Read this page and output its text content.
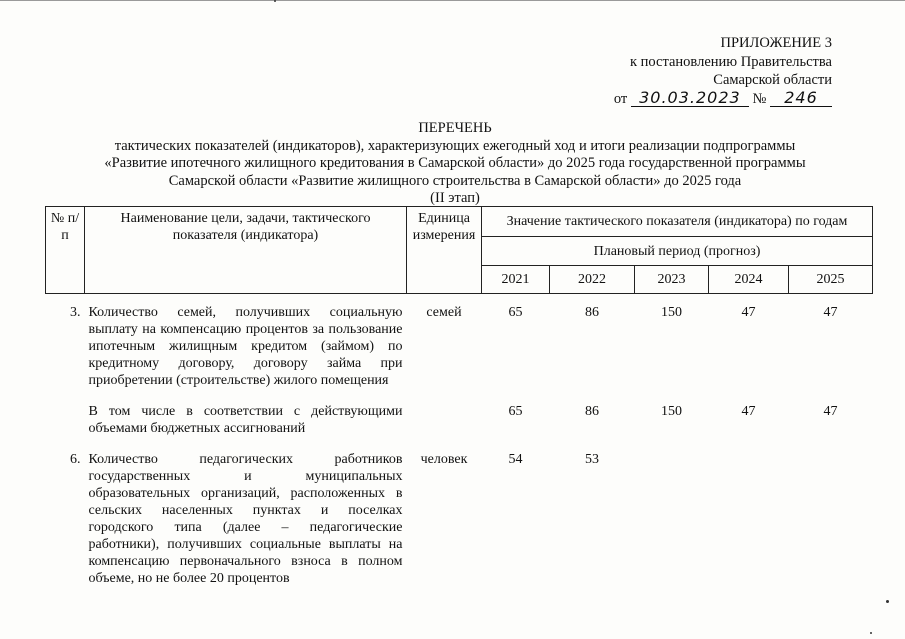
ПРИЛОЖЕНИЕ 3
к постановлению Правительства
Самарской области
от 30.03.2023 № 246
ПЕРЕЧЕНЬ
тактических показателей (индикаторов), характеризующих ежегодный ход и итоги реализации подпрограммы
«Развитие ипотечного жилищного кредитования в Самарской области» до 2025 года государственной программы
Самарской области «Развитие жилищного строительства в Самарской области» до 2025 года
(II этап)
№ п/п	Наименование цели, задачи, тактического показателя (индикатора)	Единица измерения	Значение тактического показателя (индикатора) по годам				
			Плановый период (прогноз)				
			2021	2022	2023	2024	2025

3.	Количество семей, получивших социальную выплату на компенсацию процентов за пользование ипотечным жилищным кредитом (займом) по кредитному договору, договору займа при приобретении (строительстве) жилого помещения	семей	65	86	150	47	47

	В том числе в соответствии с действующими объемами бюджетных ассигнований		65	86	150	47	47

6.	Количество педагогических работников государственных и муниципальных образовательных организаций, расположенных в сельских населенных пунктах и поселках городского типа (далее – педагогические работники), получивших социальные выплаты на компенсацию первоначального взноса в полном объеме, но не более 20 процентов	человек	54	53			
